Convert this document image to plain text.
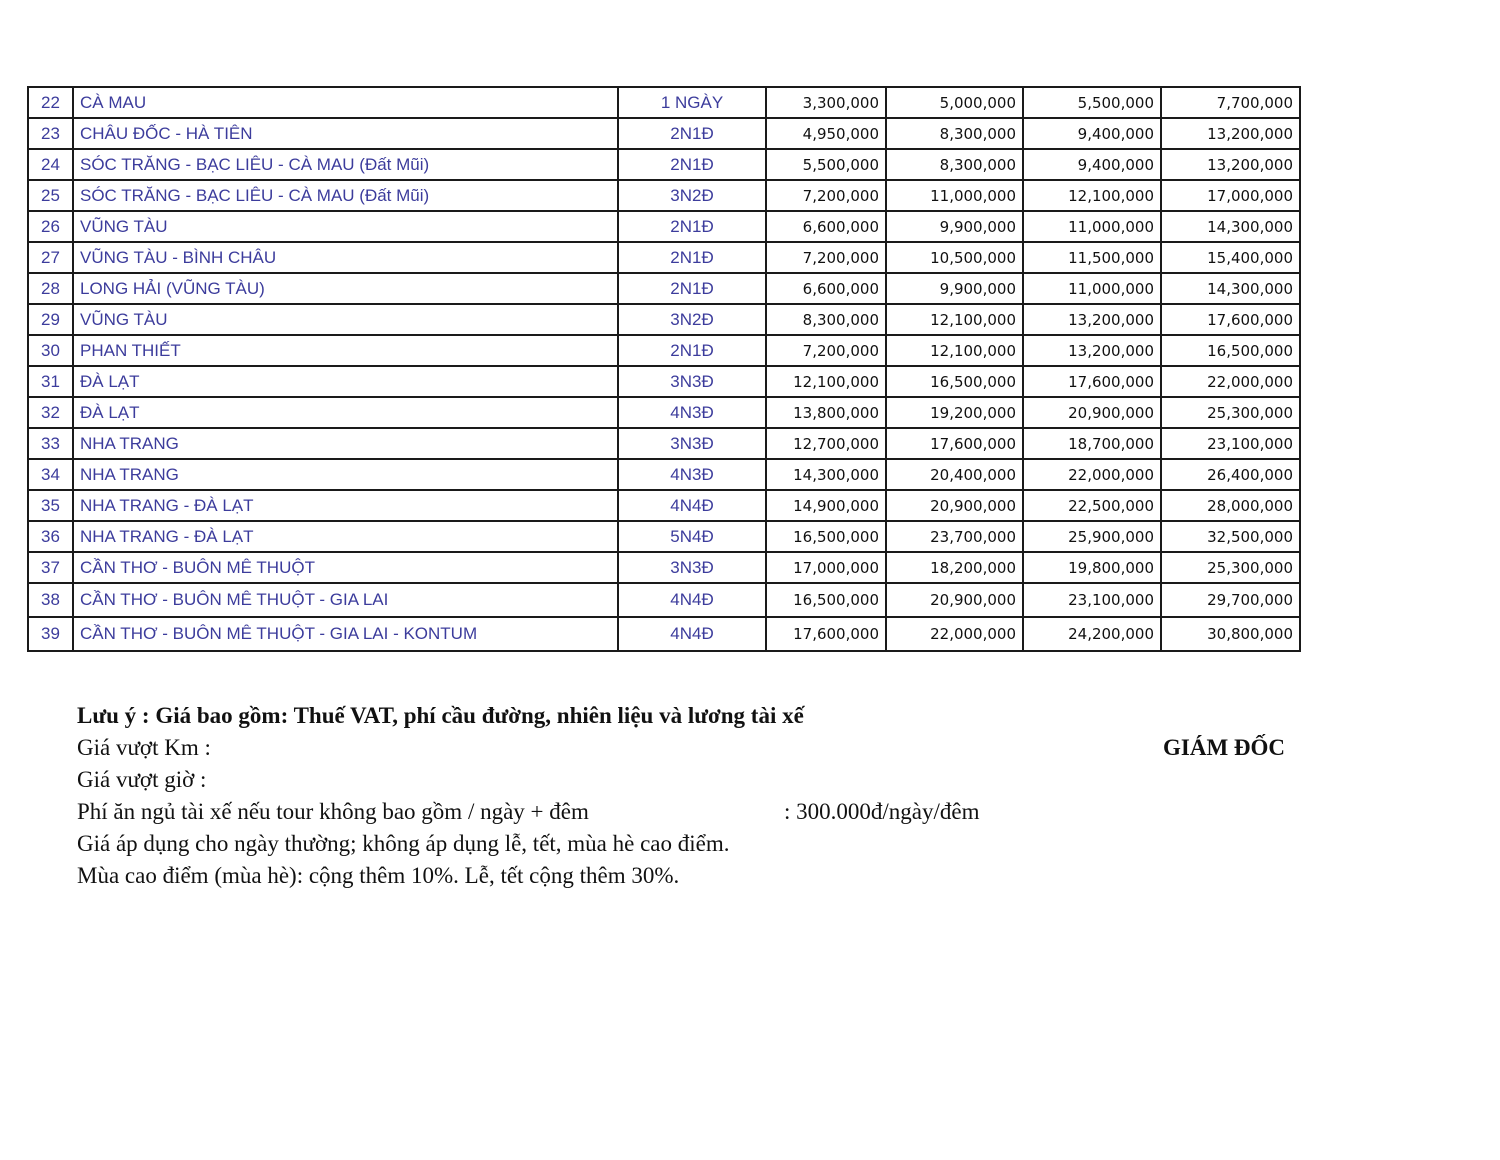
22	CÀ MAU	1 NGÀY	3,300,000	5,000,000	5,500,000	7,700,000
23	CHÂU ĐỐC - HÀ TIÊN	2N1Đ	4,950,000	8,300,000	9,400,000	13,200,000
24	SÓC TRĂNG - BẠC LIÊU - CÀ MAU (Đất Mũi)	2N1Đ	5,500,000	8,300,000	9,400,000	13,200,000
25	SÓC TRĂNG - BẠC LIÊU - CÀ MAU (Đất Mũi)	3N2Đ	7,200,000	11,000,000	12,100,000	17,000,000
26	VŨNG TÀU	2N1Đ	6,600,000	9,900,000	11,000,000	14,300,000
27	VŨNG TÀU - BÌNH CHÂU	2N1Đ	7,200,000	10,500,000	11,500,000	15,400,000
28	LONG HẢI (VŨNG TÀU)	2N1Đ	6,600,000	9,900,000	11,000,000	14,300,000
29	VŨNG TÀU	3N2Đ	8,300,000	12,100,000	13,200,000	17,600,000
30	PHAN THIẾT	2N1Đ	7,200,000	12,100,000	13,200,000	16,500,000
31	ĐÀ LẠT	3N3Đ	12,100,000	16,500,000	17,600,000	22,000,000
32	ĐÀ LẠT	4N3Đ	13,800,000	19,200,000	20,900,000	25,300,000
33	NHA TRANG	3N3Đ	12,700,000	17,600,000	18,700,000	23,100,000
34	NHA TRANG	4N3Đ	14,300,000	20,400,000	22,000,000	26,400,000
35	NHA TRANG - ĐÀ LẠT	4N4Đ	14,900,000	20,900,000	22,500,000	28,000,000
36	NHA TRANG - ĐÀ LẠT	5N4Đ	16,500,000	23,700,000	25,900,000	32,500,000
37	CẦN THƠ - BUÔN MÊ THUỘT	3N3Đ	17,000,000	18,200,000	19,800,000	25,300,000
38	CẦN THƠ - BUÔN MÊ THUỘT - GIA LAI	4N4Đ	16,500,000	20,900,000	23,100,000	29,700,000
39	CẦN THƠ - BUÔN MÊ THUỘT - GIA LAI - KONTUM	4N4Đ	17,600,000	22,000,000	24,200,000	30,800,000
Lưu ý : Giá bao gồm: Thuế VAT, phí cầu đường, nhiên liệu và lương tài xế
Giá vượt Km :
Giá vượt giờ :
Phí ăn ngủ tài xế nếu tour không bao gồm / ngày + đêm	: 300.000đ/ngày/đêm
Giá áp dụng cho ngày thường; không áp dụng lễ, tết, mùa hè cao điểm.
Mùa cao điểm (mùa hè): cộng thêm 10%. Lễ, tết cộng thêm 30%.
GIÁM ĐỐC
